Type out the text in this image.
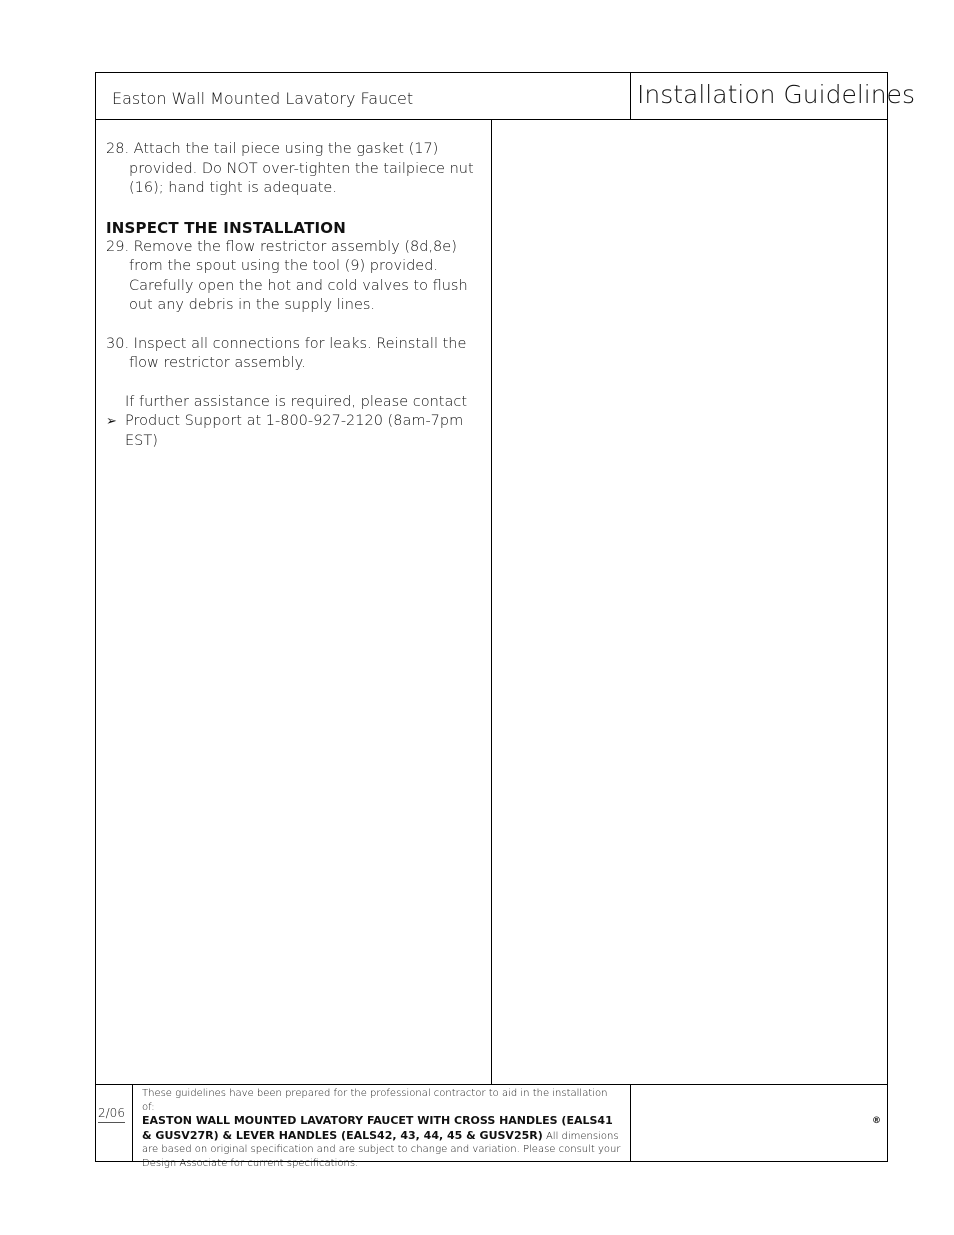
Easton Wall Mounted Lavatory Faucet	Installation Guidelines
28. Attach the tail piece using the gasket (17) provided. Do NOT over-tighten the tailpiece nut (16); hand tight is adequate.
INSPECT THE INSTALLATION
29. Remove the flow restrictor assembly (8d,8e) from the spout using the tool (9) provided. Carefully open the hot and cold valves to flush out any debris in the supply lines.
30. Inspect all connections for leaks. Reinstall the flow restrictor assembly.
➢
If further assistance is required, please contact Product Support at 1-800-927-2120 (8am-7pm EST)
2/06
These guidelines have been prepared for the professional contractor to aid in the installation of:
EASTON WALL MOUNTED LAVATORY FAUCET WITH CROSS HANDLES (EALS41 & GUSV27R) & LEVER HANDLES (EALS42, 43, 44, 45 & GUSV25R) All dimensions are based on original specification and are subject to change and variation. Please consult your Design Associate for current specifications.
®
